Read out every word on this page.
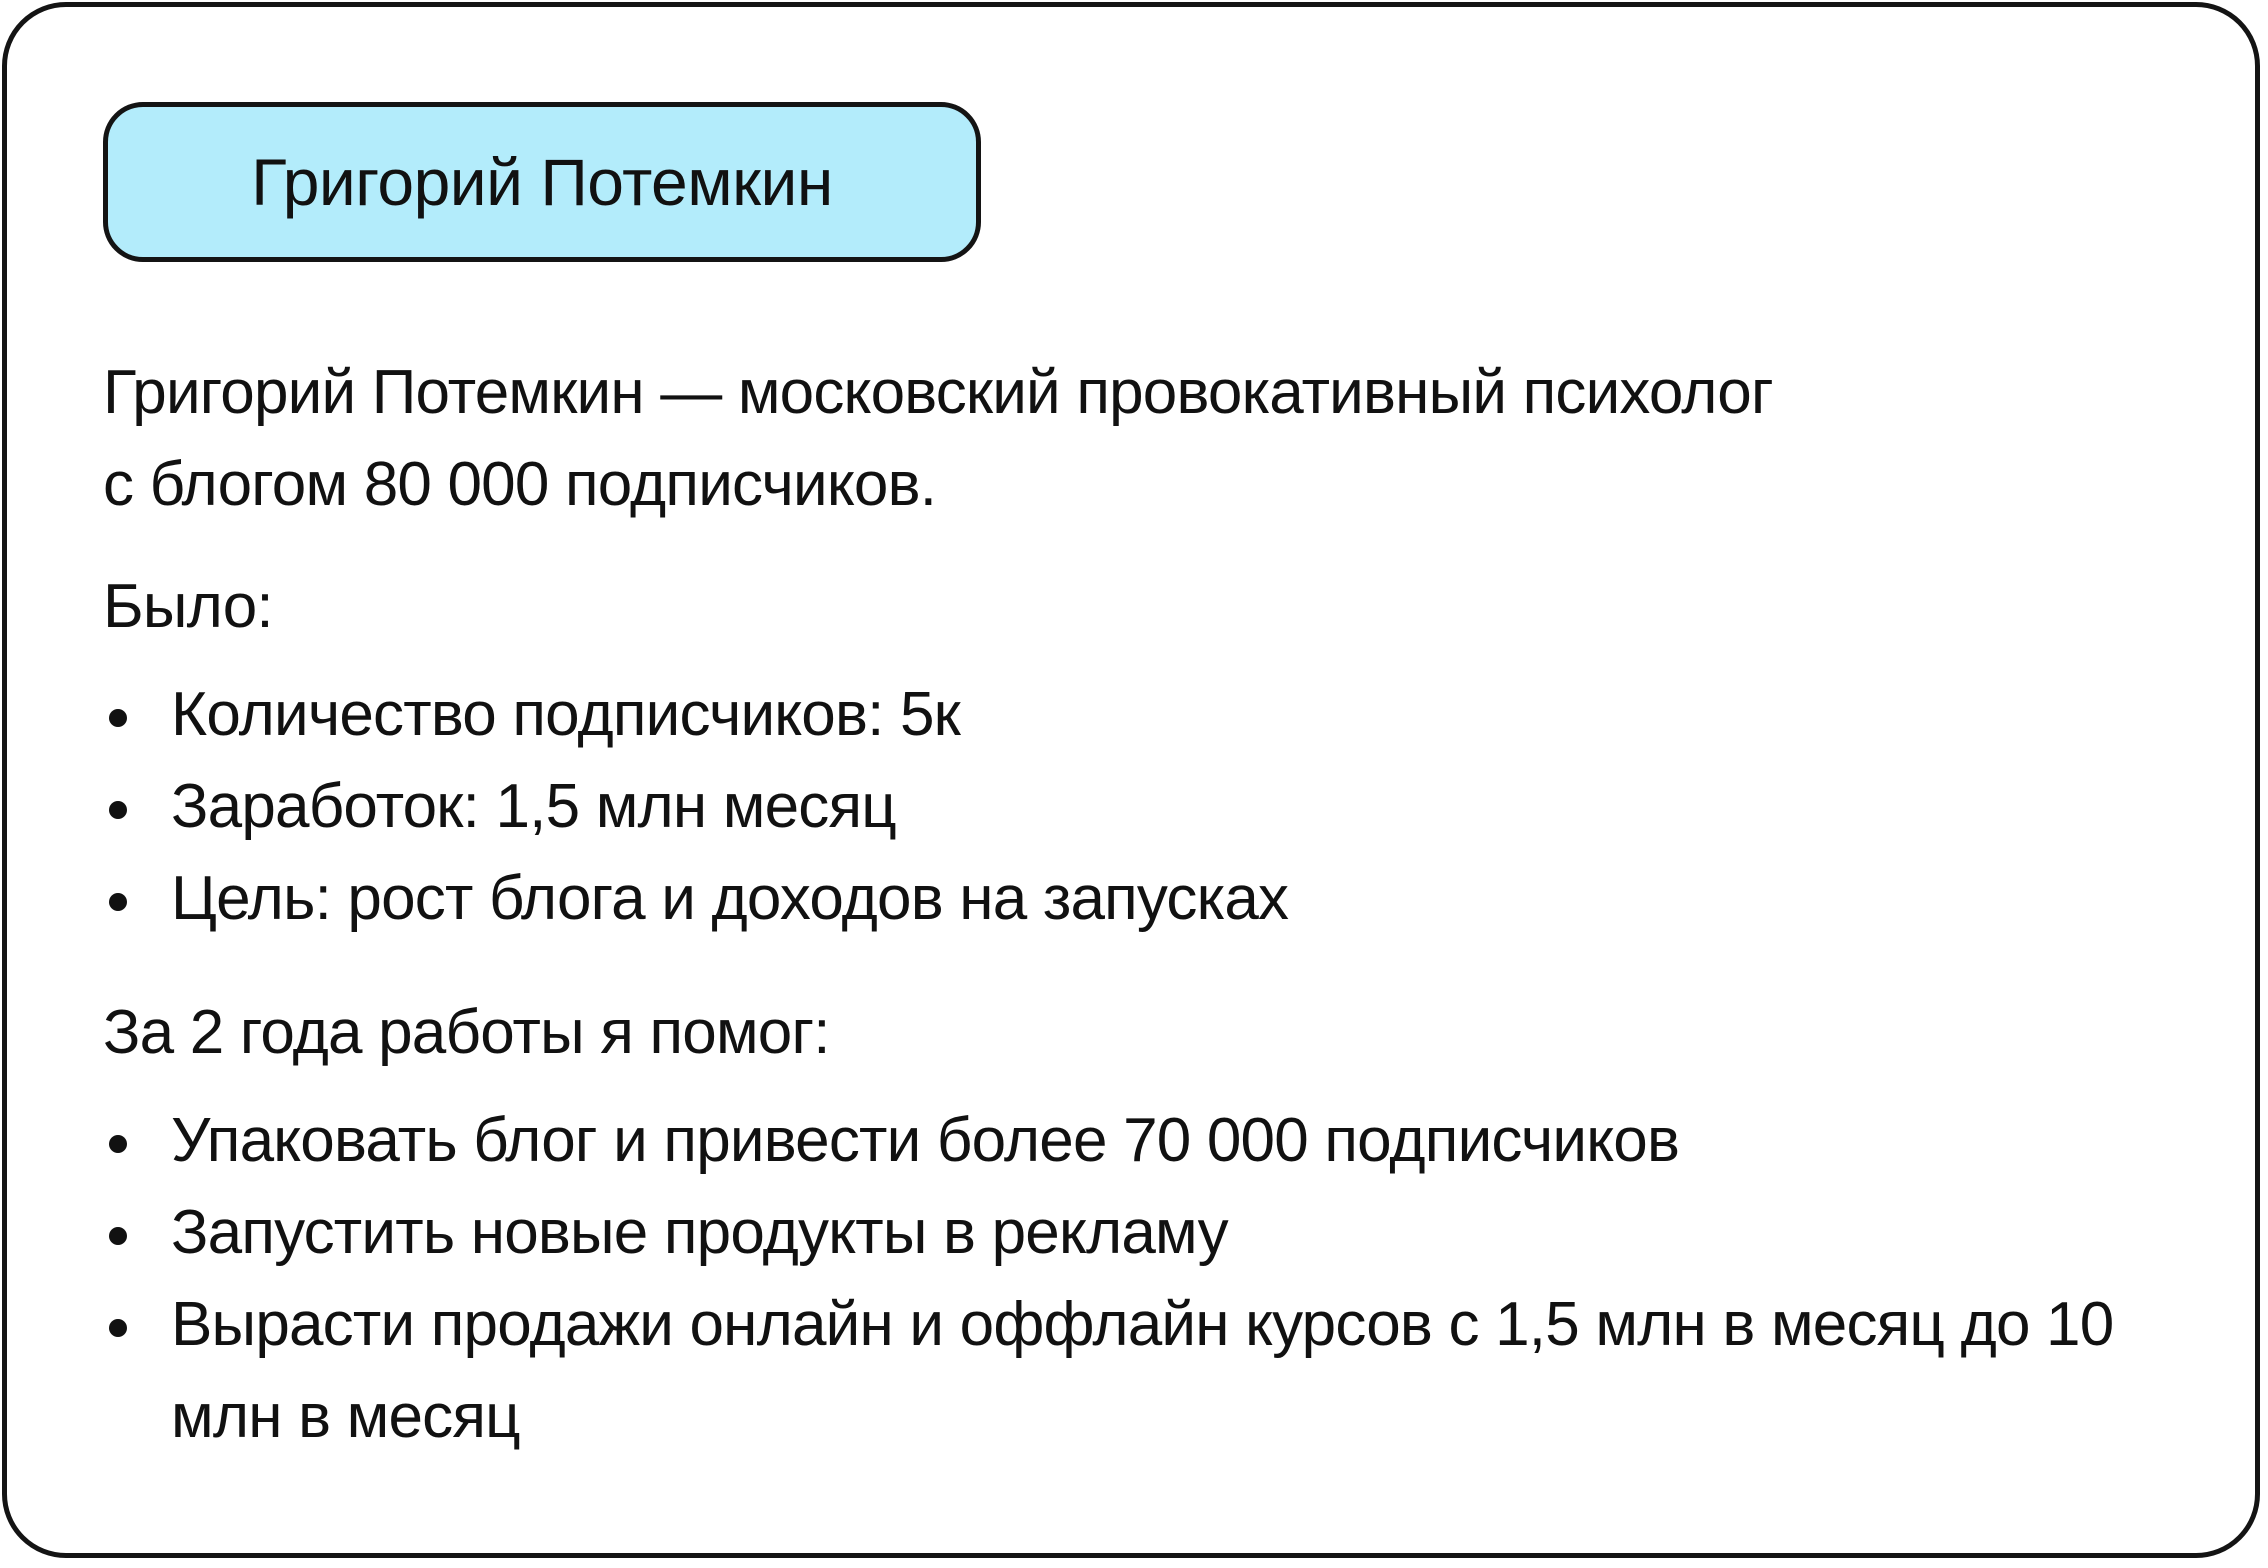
Григорий Потемкин

Григорий Потемкин — московский провокативный психолог

с блогом 80 000 подписчиков.

Было:

Количество подписчиков: 5к
Заработок: 1,5 млн месяц
Цель: рост блога и доходов на запусках

За 2 года работы я помог:

Упаковать блог и привести более 70 000 подписчиков
Запустить новые продукты в рекламу
Вырасти продажи онлайн и оффлайн курсов с 1,5 млн в месяц до 10 млн в месяц
